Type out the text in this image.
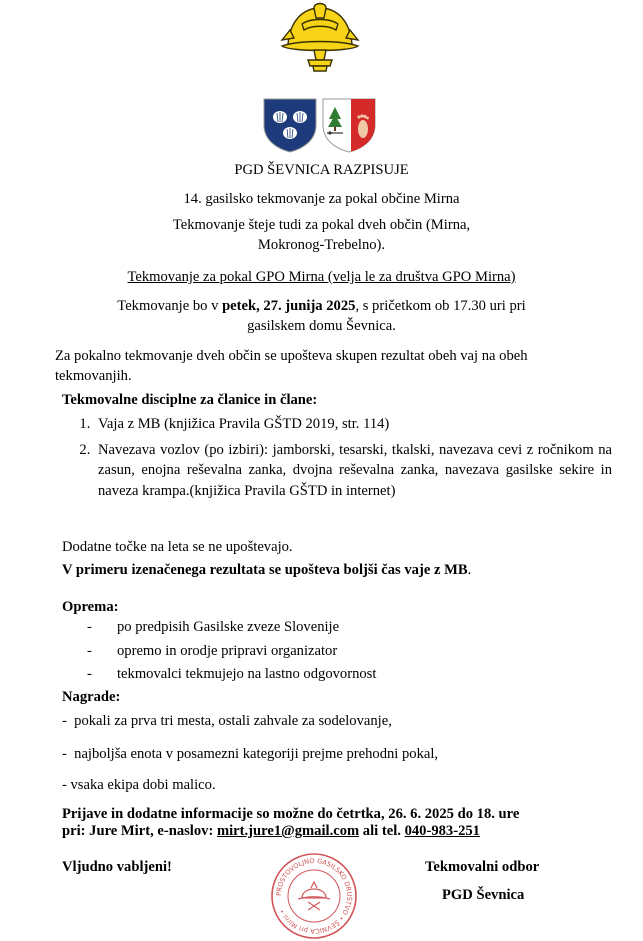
PGD ŠEVNICA RAZPISUJE
14. gasilsko tekmovanje za pokal občine Mirna
Tekmovanje šteje tudi za pokal dveh občin (Mirna,
Mokronog-Trebelno).
Tekmovanje za pokal GPO Mirna (velja le za društva GPO Mirna)
Tekmovanje bo v petek, 27. junija 2025, s pričetkom ob 17.30 uri pri
gasilskem domu Ševnica.
Za pokalno tekmovanje dveh občin se upošteva skupen rezultat obeh vaj na obeh tekmovanjih.
Tekmovalne disciplne za članice in člane:
1. Vaja z MB (knjižica Pravila GŠTD 2019, str. 114)
2. Navezava vozlov (po izbiri): jamborski, tesarski, tkalski, navezava cevi z ročnikom na zasun, enojna reševalna zanka, dvojna reševalna zanka, navezava gasilske sekire in naveza krampa.(knjižica Pravila GŠTD in internet)
Dodatne točke na leta se ne upoštevajo.
V primeru izenačenega rezultata se upošteva boljši čas vaje z MB.
Oprema:
- po predpisih Gasilske zveze Slovenije
- opremo in orodje pripravi organizator
- tekmovalci tekmujejo na lastno odgovornost
Nagrade:
-  pokali za prva tri mesta, ostali zahvale za sodelovanje,
-  najboljša enota v posamezni kategoriji prejme prehodni pokal,
- vsaka ekipa dobi malico.
Prijave in dodatne informacije so možne do četrtka, 26. 6. 2025 do 18. ure
pri: Jure Mirt, e-naslov: mirt.jure1@gmail.com ali tel. 040-983-251
Vljudno vabljeni!	Tekmovalni odbor
PGD Ševnica
PROSTOVOLJNO GASILSKO DRUŠTVO • ŠEVNICA pri Mirni •
